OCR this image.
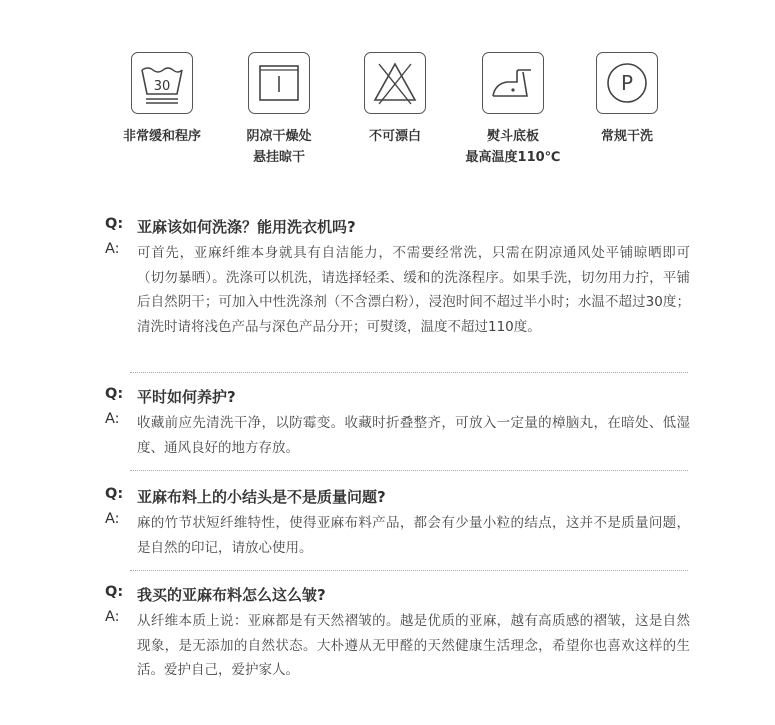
30
非常缓和程序	阴凉干燥处
悬挂晾干
不可漂白	熨斗底板
最高温度110℃
P
常规干洗
Q: 亚麻该如何洗涤？能用洗衣机吗?
A: 可首先，亚麻纤维本身就具有自洁能力，不需要经常洗，只需在阴凉通风处平铺晾晒即可（切勿暴晒）。洗涤可以机洗，请选择轻柔、缓和的洗涤程序。如果手洗，切勿用力拧，平铺后自然阴干；可加入中性洗涤剂（不含漂白粉），浸泡时间不超过半小时；水温不超过30度；清洗时请将浅色产品与深色产品分开；可熨烫，温度不超过110度。
Q: 平时如何养护?
A: 收藏前应先清洗干净，以防霉变。收藏时折叠整齐，可放入一定量的樟脑丸，在暗处、低湿度、通风良好的地方存放。
Q: 亚麻布料上的小结头是不是质量问题?
A: 麻的竹节状短纤维特性，使得亚麻布料产品，都会有少量小粒的结点，这并不是质量问题，是自然的印记，请放心使用。
Q: 我买的亚麻布料怎么这么皱?
A: 从纤维本质上说：亚麻都是有天然褶皱的。越是优质的亚麻，越有高质感的褶皱，这是自然现象，是无添加的自然状态。大朴遵从无甲醛的天然健康生活理念，希望你也喜欢这样的生活。爱护自己，爱护家人。
